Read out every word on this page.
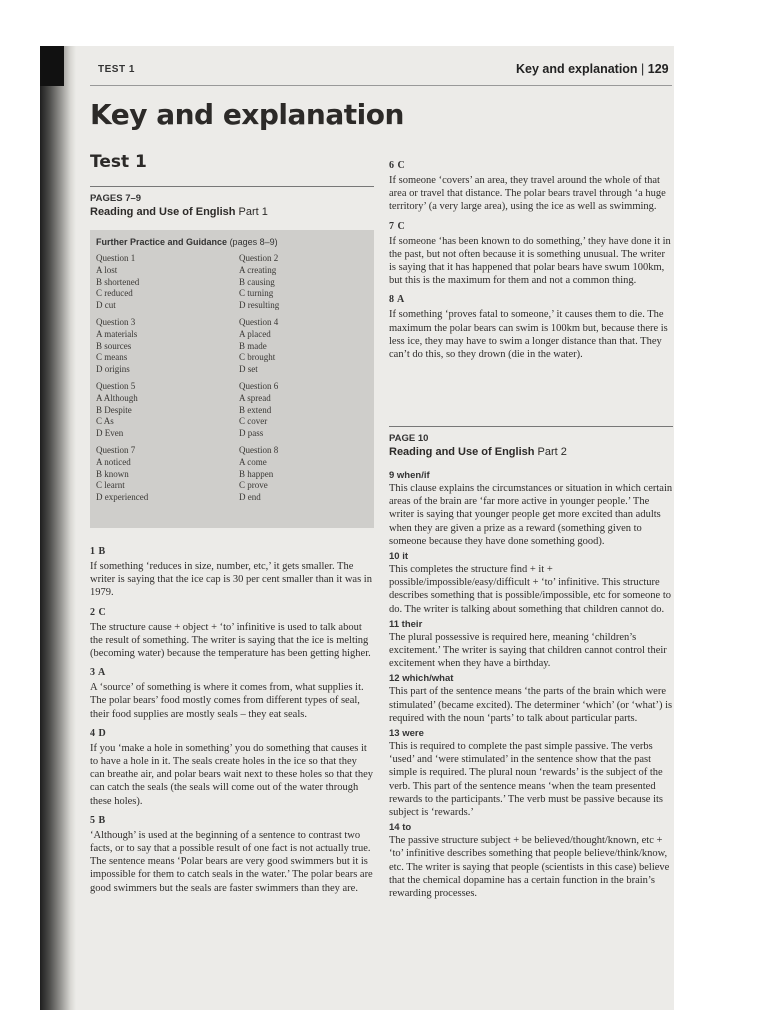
TEST 1	Key and explanation | 129
Key and explanation
Test 1
PAGES 7–9
Reading and Use of English Part 1
Further Practice and Guidance (pages 8–9)
Question 1
A lost
B shortened
C reduced
D cut
Question 2
A creating
B causing
C turning
D resulting
Question 3
A materials
B sources
C means
D origins
Question 4
A placed
B made
C brought
D set
Question 5
A Although
B Despite
C As
D Even
Question 6
A spread
B extend
C cover
D pass
Question 7
A noticed
B known
C learnt
D experienced
Question 8
A come
B happen
C prove
D end
1 B
If something ‘reduces in size, number, etc,’ it gets smaller. The writer is saying that the ice cap is 30 per cent smaller than it was in 1979.
2 C
The structure cause + object + ‘to’ infinitive is used to talk about the result of something. The writer is saying that the ice is melting (becoming water) because the temperature has been getting higher.
3 A
A ‘source’ of something is where it comes from, what supplies it. The polar bears’ food mostly comes from different types of seal, their food supplies are mostly seals – they eat seals.
4 D
If you ‘make a hole in something’ you do something that causes it to have a hole in it. The seals create holes in the ice so that they can breathe air, and polar bears wait next to these holes so that they can catch the seals (the seals will come out of the water through these holes).
5 B
‘Although’ is used at the beginning of a sentence to contrast two facts, or to say that a possible result of one fact is not actually true. The sentence means ‘Polar bears are very good swimmers but it is impossible for them to catch seals in the water.’ The polar bears are good swimmers but the seals are faster swimmers than they are.
6 C
If someone ‘covers’ an area, they travel around the whole of that area or travel that distance. The polar bears travel through ‘a huge territory’ (a very large area), using the ice as well as swimming.
7 C
If someone ‘has been known to do something,’ they have done it in the past, but not often because it is something unusual. The writer is saying that it has happened that polar bears have swum 100km, but this is the maximum for them and not a common thing.
8 A
If something ‘proves fatal to someone,’ it causes them to die. The maximum the polar bears can swim is 100km but, because there is less ice, they may have to swim a longer distance than that. They can’t do this, so they drown (die in the water).
PAGE 10
Reading and Use of English Part 2
9 when/if
This clause explains the circumstances or situation in which certain areas of the brain are ‘far more active in younger people.’ The writer is saying that younger people get more excited than adults when they are given a prize as a reward (something given to someone because they have done something good).
10 it
This completes the structure find + it + possible/impossible/easy/difficult + ‘to’ infinitive. This structure describes something that is possible/impossible, etc for someone to do. The writer is talking about something that children cannot do.
11 their
The plural possessive is required here, meaning ‘children’s excitement.’ The writer is saying that children cannot control their excitement when they have a birthday.
12 which/what
This part of the sentence means ‘the parts of the brain which were stimulated’ (became excited). The determiner ‘which’ (or ‘what’) is required with the noun ‘parts’ to talk about particular parts.
13 were
This is required to complete the past simple passive. The verbs ‘used’ and ‘were stimulated’ in the sentence show that the past simple is required. The plural noun ‘rewards’ is the subject of the verb. This part of the sentence means ‘when the team presented rewards to the participants.’ The verb must be passive because its subject is ‘rewards.’
14 to
The passive structure subject + be believed/thought/known, etc + ‘to’ infinitive describes something that people believe/think/know, etc. The writer is saying that people (scientists in this case) believe that the chemical dopamine has a certain function in the brain’s rewarding processes.
